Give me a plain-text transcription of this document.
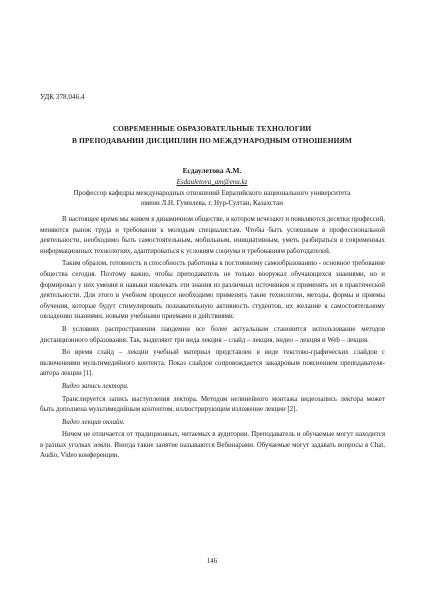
УДК 378.046.4
СОВРЕМЕННЫЕ ОБРАЗОВАТЕЛЬНЫЕ ТЕХНОЛОГИИ
В ПРЕПОДАВАНИИ ДИСЦИПЛИН ПО МЕЖДУНАРОДНЫМ ОТНОШЕНИЯМ
Есдаулетова А.М.
Esdauletova_am@enu.kz
Профессор кафедры международных отношений Евразийского национального университета
имени Л.Н. Гумилева, г. Нур-Султан, Казахстан

В настоящее время мы живем в динамичном обществе, в котором исчезают и появляются десятки профессий, меняются рынок труда и требования к молодым специалистам. Чтобы быть успешным в профессиональной деятельности, необходимо быть самостоятельным, мобильным, инициативным, уметь разбираться в современных информационных технологиях, адаптироваться к условиям социума и требованиям работодателей.

Таким образом, готовность и способность работника к постоянному самообразованию - основное требование общества сегодня. Поэтому важно, чтобы преподаватель не только вооружал обучающихся знаниями, но и формировал у них умения и навыки извлекать эти знания из различных источников и применять их в практической деятельности. Для этого в учебном процессе необходимо применять такие технологии, методы, формы и приемы обучения, которые будут стимулировать познавательную активность студентов, их желание к самостоятельному овладению знаниями, новыми учебными приемами и действиями.

В условиях распространения пандемии все более актуальным становится использование методов дистанционного образования. Так, выделяют три вида лекция – слайд – лекция, видео – лекция и Web – лекция.

Во время слайд – лекции учебный материал представлен в виде текстово-графических слайдов с включениями мультимедийного контента. Показ слайдов сопровождается закадровым пояснением преподавателя-автора лекции [1].

Видео запись лектора.

Транслируется запись выступления лектора. Методом нелинейного монтажа видеозапись лектора может быть дополнена мультимедийным контентом, иллюстрирующим изложение лекции [2].

Видео лекция онлайн.

Ничем не отличается от традиционных, читаемых в аудитории. Преподаватель и обучаемые могут находится в разных уголках земли. Иногда такие занятие называются Вебинарами. Обучаемые могут задавать вопросы в Chat, Audio, Video конференции.

146
